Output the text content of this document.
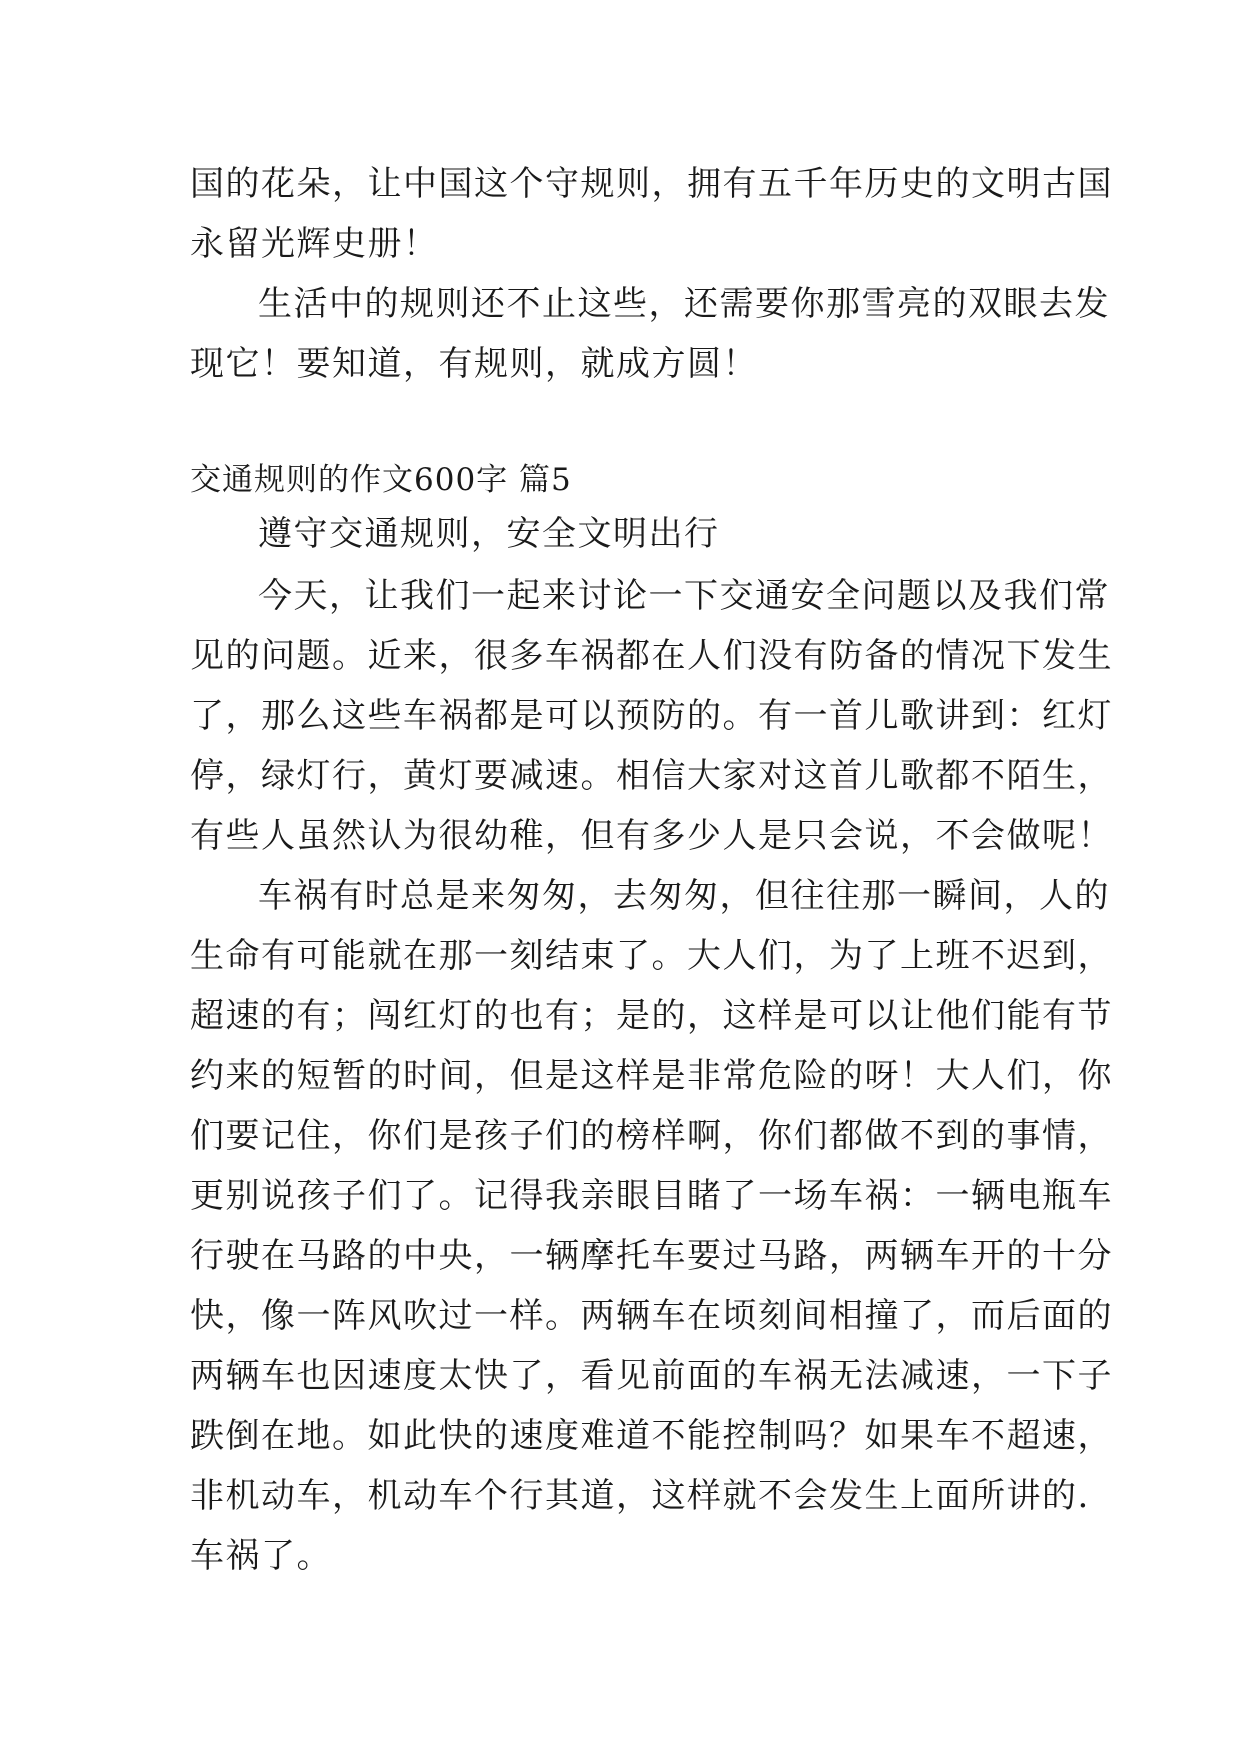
国的花朵，让中国这个守规则，拥有五千年历史的文明古国
永留光辉史册！
生活中的规则还不止这些，还需要你那雪亮的双眼去发
现它！要知道，有规则，就成方圆！
交通规则的作文600字 篇5
遵守交通规则，安全文明出行
今天，让我们一起来讨论一下交通安全问题以及我们常
见的问题。近来，很多车祸都在人们没有防备的情况下发生
了，那么这些车祸都是可以预防的。有一首儿歌讲到：红灯
停，绿灯行，黄灯要减速。相信大家对这首儿歌都不陌生，
有些人虽然认为很幼稚，但有多少人是只会说，不会做呢！
车祸有时总是来匆匆，去匆匆，但往往那一瞬间，人的
生命有可能就在那一刻结束了。大人们，为了上班不迟到，
超速的有；闯红灯的也有；是的，这样是可以让他们能有节
约来的短暂的时间，但是这样是非常危险的呀！大人们，你
们要记住，你们是孩子们的榜样啊，你们都做不到的事情，
更别说孩子们了。记得我亲眼目睹了一场车祸：一辆电瓶车
行驶在马路的中央，一辆摩托车要过马路，两辆车开的十分
快，像一阵风吹过一样。两辆车在顷刻间相撞了，而后面的
两辆车也因速度太快了，看见前面的车祸无法减速，一下子
跌倒在地。如此快的速度难道不能控制吗？如果车不超速，
非机动车，机动车个行其道，这样就不会发生上面所讲的.
车祸了。
